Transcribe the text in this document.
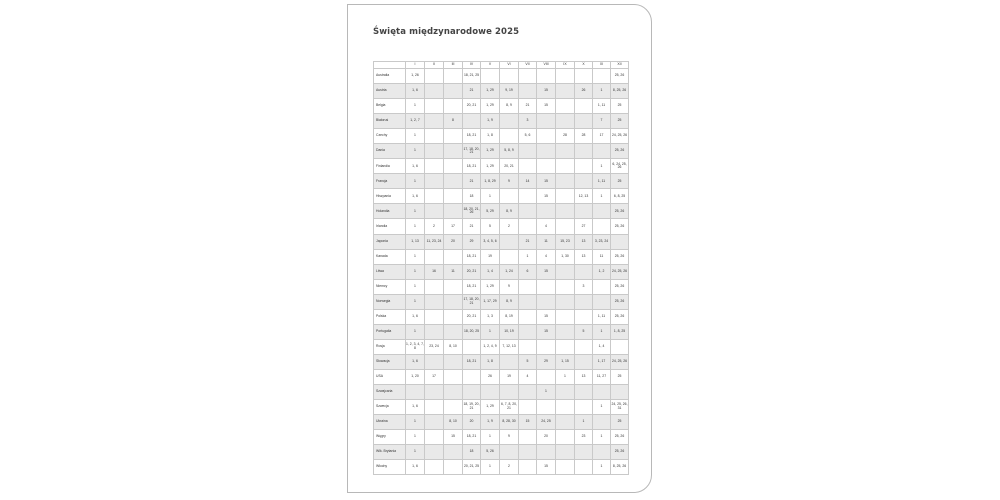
Święta międzynarodowe 2025
	I	II	III	IV	V	VI	VII	VIII	IX	X	XI	XII
Australia	1, 26			18, 21, 25								25, 26
Austria	1, 6			21	1, 29	9, 19		15		26	1	8, 25, 26
Belgia	1			20, 21	1, 29	8, 9	21	15			1, 11	25
Białoruś	1, 2, 7		8		1, 9		3				7	25
Czechy	1			18, 21	1, 8		5, 6		28	28	17	24, 25, 26
Dania	1			17, 18, 20, 21	1, 29	5, 8, 9						25, 26
Finlandia	1, 6			18, 21	1, 29	20, 21					1	6, 24, 25, 26
Francja	1			21	1, 8, 29	9	14	15			1, 11	25
Hiszpania	1, 6			18	1			15		12, 13	1	6, 8, 25
Holandia	1			18, 20, 21, 26	5, 29	8, 9						25, 26
Irlandia	1	2	17	21	5	2		4		27		25, 26
Japonia	1, 13	11, 23, 24	20	29	3, 4, 5, 6		21	11	15, 23	13	3, 23, 24	
Kanada	1			18, 21	19		1	4	1, 30	13	11	25, 26
Litwa	1	16	11	20, 21	1, 4	1, 24	6	15			1, 2	24, 25, 26
Niemcy	1			18, 21	1, 29	9				3		25, 26
Norwegia	1			17, 18, 20, 21	1, 17, 29	8, 9						25, 26
Polska	1, 6			20, 21	1, 3	8, 19		15			1, 11	25, 26
Portugalia	1			18, 20, 25	1	10, 19		15		5	1	1, 8, 25
Rosja	1, 2, 3, 4, 7, 8	23, 24	8, 10		1, 2, 4, 9	7, 12, 13					1, 4	
Słowacja	1, 6			18, 21	1, 8		5	29	1, 15		1, 17	24, 25, 26
USA	1, 20	17			26	19	4		1	13	11, 27	25
Szwajcaria								1				
Szwecja	1, 6			18, 19, 20, 21	1, 29	6, 7, 8, 20, 21					1	24, 25, 26, 31
Ukraina	1		8, 10	20	1, 9	8, 28, 30	15	24, 25		1		25
Węgry	1		15	18, 21	1	9		20		23	1	25, 26
Wlk. Brytania	1			18	5, 26							25, 26
Włochy	1, 6			20, 21, 25	1	2		15			1	8, 25, 26
